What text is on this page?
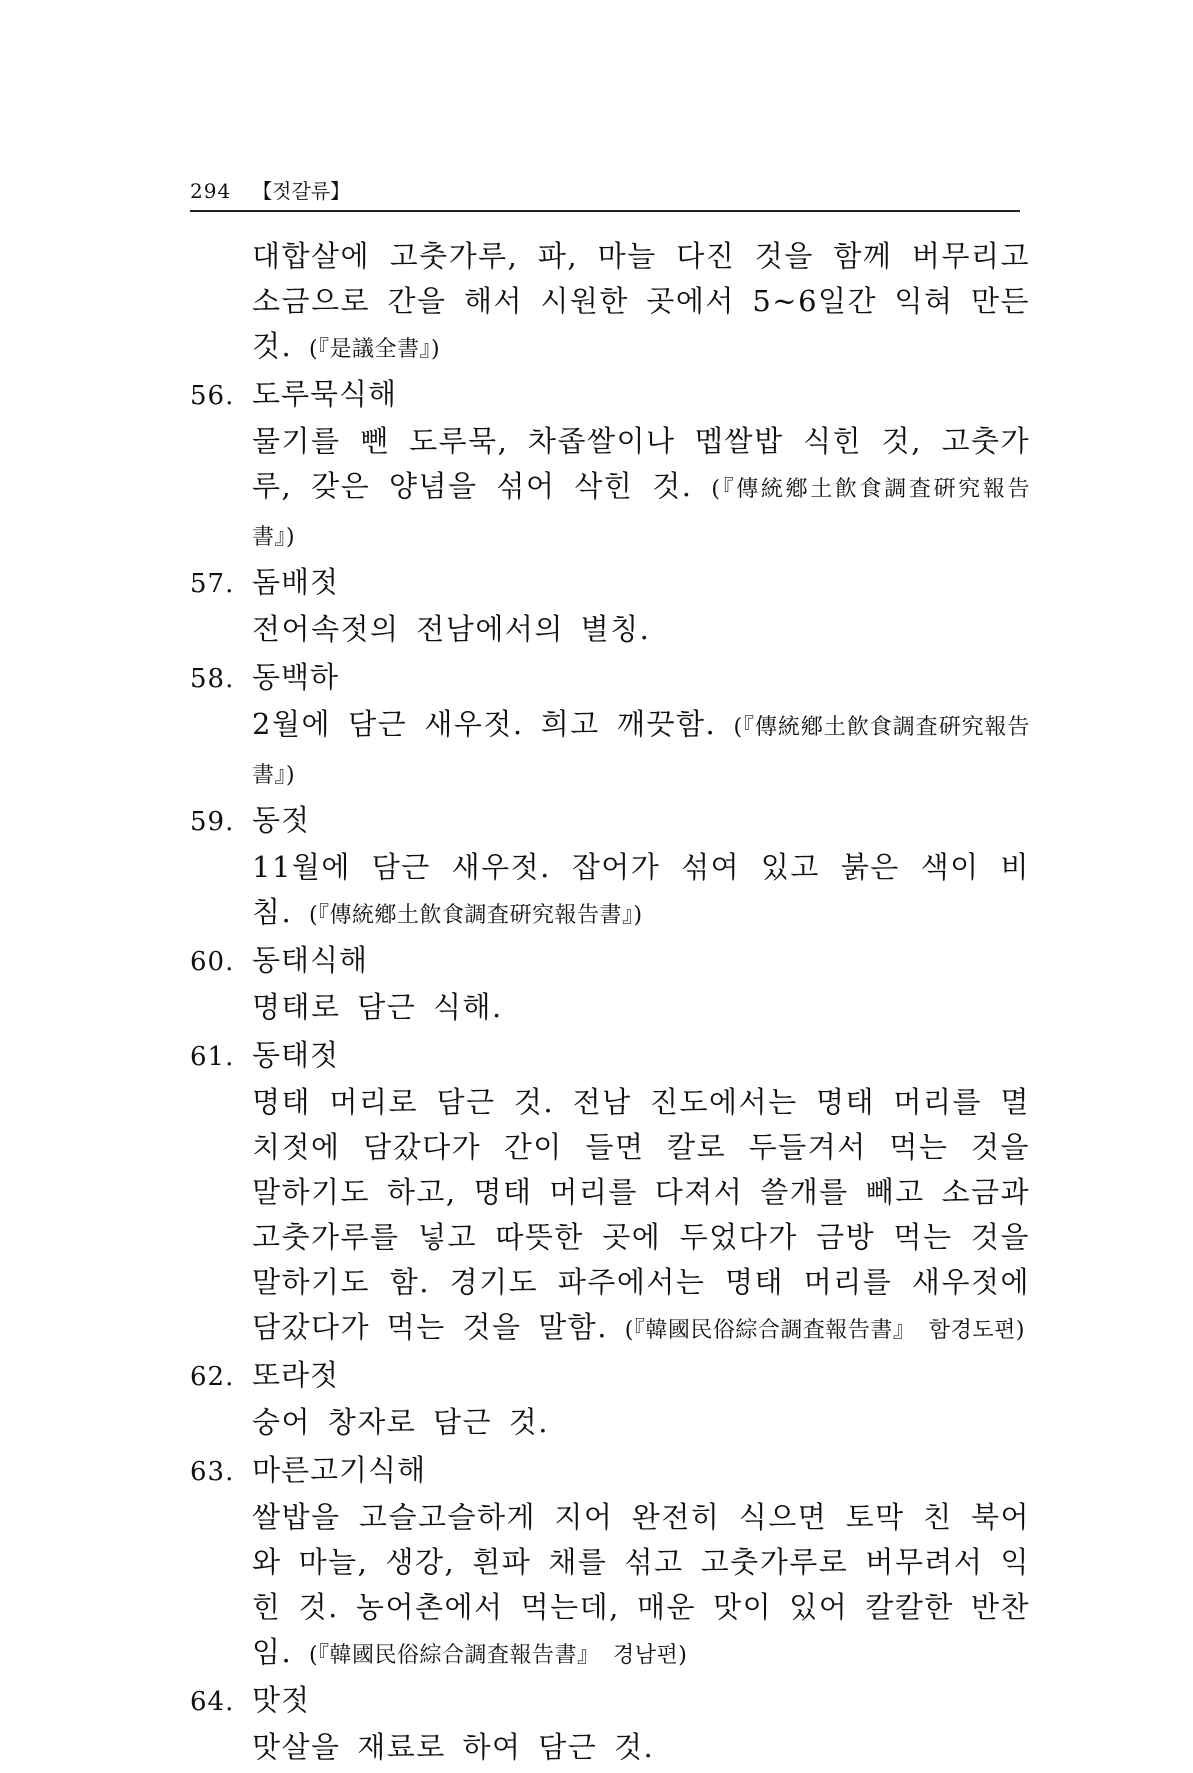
294 【젓갈류】

대합살에 고춧가루, 파, 마늘 다진 것을 함께 버무리고 소금으로 간을 해서 시원한 곳에서 5~6일간 익혀 만든 것. (『是議全書』)

56. 도루묵식해

물기를 뺀 도루묵, 차좁쌀이나 멥쌀밥 식힌 것, 고춧가루, 갖은 양념을 섞어 삭힌 것. (『傳統鄕土飮食調査硏究報告書』)

57. 돔배젓

전어속젓의 전남에서의 별칭.

58. 동백하

2월에 담근 새우젓. 희고 깨끗함. (『傳統鄕土飮食調査硏究報告書』)

59. 동젓

11월에 담근 새우젓. 잡어가 섞여 있고 붉은 색이 비침. (『傳統鄕土飮食調査硏究報告書』)

60. 동태식해

명태로 담근 식해.

61. 동태젓

명태 머리로 담근 것. 전남 진도에서는 명태 머리를 멸치젓에 담갔다가 간이 들면 칼로 두들겨서 먹는 것을 말하기도 하고, 명태 머리를 다져서 쓸개를 빼고 소금과 고춧가루를 넣고 따뜻한 곳에 두었다가 금방 먹는 것을 말하기도 함. 경기도 파주에서는 명태 머리를 새우젓에 담갔다가 먹는 것을 말함. (『韓國民俗綜合調査報告書』 함경도편)

62. 또라젓

숭어 창자로 담근 것.

63. 마른고기식해

쌀밥을 고슬고슬하게 지어 완전히 식으면 토막 친 북어와 마늘, 생강, 흰파 채를 섞고 고춧가루로 버무려서 익힌 것. 농어촌에서 먹는데, 매운 맛이 있어 칼칼한 반찬임. (『韓國民俗綜合調査報告書』 경남편)

64. 맛젓

맛살을 재료로 하여 담근 것.
